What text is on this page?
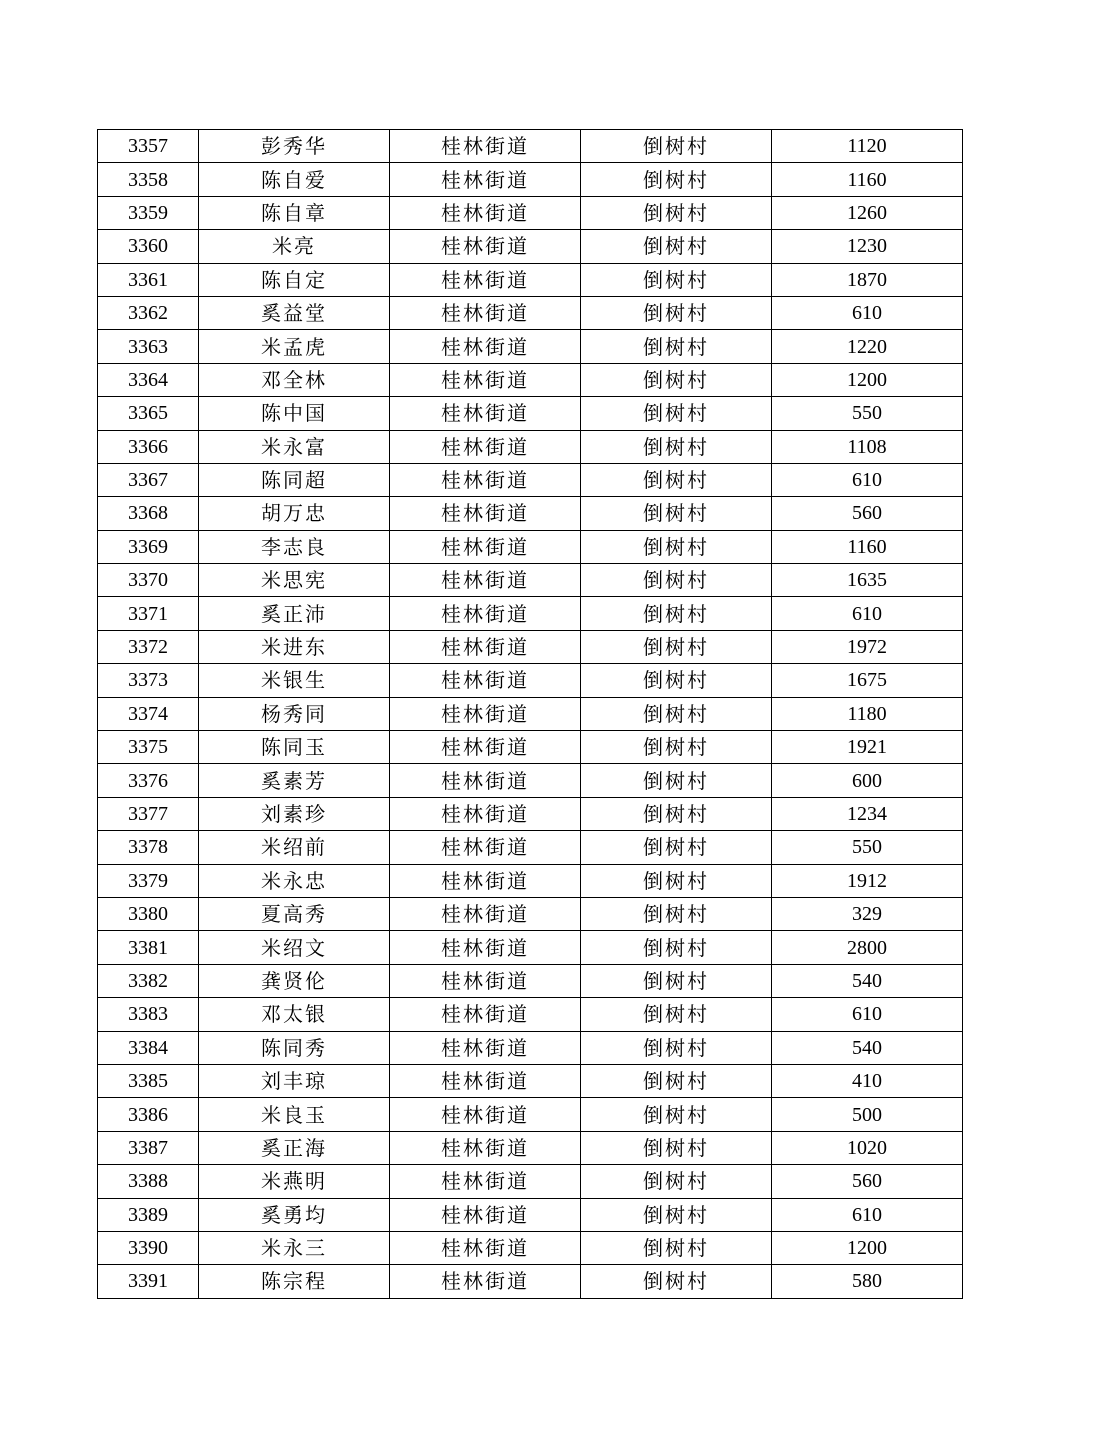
3357	彭秀华	桂林街道	倒树村	1120
3358	陈自爱	桂林街道	倒树村	1160
3359	陈自章	桂林街道	倒树村	1260
3360	米亮	桂林街道	倒树村	1230
3361	陈自定	桂林街道	倒树村	1870
3362	奚益堂	桂林街道	倒树村	610
3363	米孟虎	桂林街道	倒树村	1220
3364	邓全林	桂林街道	倒树村	1200
3365	陈中国	桂林街道	倒树村	550
3366	米永富	桂林街道	倒树村	1108
3367	陈同超	桂林街道	倒树村	610
3368	胡万忠	桂林街道	倒树村	560
3369	李志良	桂林街道	倒树村	1160
3370	米思宪	桂林街道	倒树村	1635
3371	奚正沛	桂林街道	倒树村	610
3372	米进东	桂林街道	倒树村	1972
3373	米银生	桂林街道	倒树村	1675
3374	杨秀同	桂林街道	倒树村	1180
3375	陈同玉	桂林街道	倒树村	1921
3376	奚素芳	桂林街道	倒树村	600
3377	刘素珍	桂林街道	倒树村	1234
3378	米绍前	桂林街道	倒树村	550
3379	米永忠	桂林街道	倒树村	1912
3380	夏高秀	桂林街道	倒树村	329
3381	米绍文	桂林街道	倒树村	2800
3382	龚贤伦	桂林街道	倒树村	540
3383	邓太银	桂林街道	倒树村	610
3384	陈同秀	桂林街道	倒树村	540
3385	刘丰琼	桂林街道	倒树村	410
3386	米良玉	桂林街道	倒树村	500
3387	奚正海	桂林街道	倒树村	1020
3388	米燕明	桂林街道	倒树村	560
3389	奚勇均	桂林街道	倒树村	610
3390	米永三	桂林街道	倒树村	1200
3391	陈宗程	桂林街道	倒树村	580
